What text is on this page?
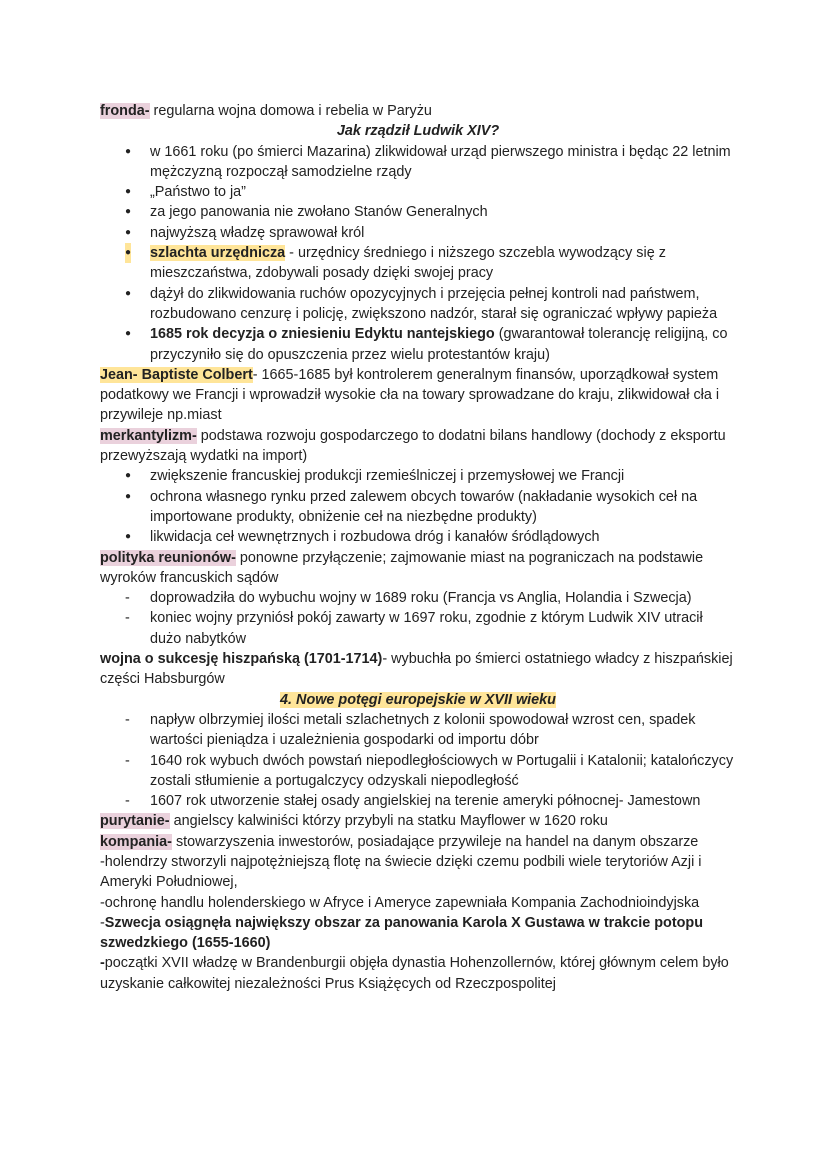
fronda- regularna wojna domowa i rebelia w Paryżu

Jak rządził Ludwik XIV?

● w 1661 roku (po śmierci Mazarina) zlikwidował urząd pierwszego ministra i będąc 22 letnim mężczyzną rozpoczął samodzielne rządy
● „Państwo to ja”
● za jego panowania nie zwołano Stanów Generalnych
● najwyższą władzę sprawował król
● szlachta urzędnicza - urzędnicy średniego i niższego szczebla wywodzący się z mieszczaństwa, zdobywali posady dzięki swojej pracy
● dążył do zlikwidowania ruchów opozycyjnych i przejęcia pełnej kontroli nad państwem, rozbudowano cenzurę i policję, zwiększono nadzór, starał się ograniczać wpływy papieża
● 1685 rok decyzja o zniesieniu Edyktu nantejskiego (gwarantował tolerancję religijną, co przyczyniło się do opuszczenia przez wielu protestantów kraju)

Jean- Baptiste Colbert- 1665-1685 był kontrolerem generalnym finansów, uporządkował system podatkowy we Francji i wprowadził wysokie cła na towary sprowadzane do kraju, zlikwidował cła i przywileje np.miast

merkantylizm- podstawa rozwoju gospodarczego to dodatni bilans handlowy (dochody z eksportu przewyższają wydatki na import)

● zwiększenie francuskiej produkcji rzemieślniczej i przemysłowej we Francji
● ochrona własnego rynku przed zalewem obcych towarów (nakładanie wysokich ceł na importowane produkty, obniżenie ceł na niezbędne produkty)
● likwidacja ceł wewnętrznych i rozbudowa dróg i kanałów śródlądowych

polityka reunionów- ponowne przyłączenie; zajmowanie miast na pograniczach na podstawie wyroków francuskich sądów

- doprowadziła do wybuchu wojny w 1689 roku (Francja vs Anglia, Holandia i Szwecja)
- koniec wojny przyniósł pokój zawarty w 1697 roku, zgodnie z którym Ludwik XIV utracił dużo nabytków

wojna o sukcesję hiszpańską (1701-1714)- wybuchła po śmierci ostatniego władcy z hiszpańskiej części Habsburgów

4. Nowe potęgi europejskie w XVII wieku

- napływ olbrzymiej ilości metali szlachetnych z kolonii spowodował wzrost cen, spadek wartości pieniądza i uzależnienia gospodarki od importu dóbr
- 1640 rok wybuch dwóch powstań niepodległościowych w Portugalii i Katalonii; katalończycy zostali stłumienie a portugalczycy odzyskali niepodległość
- 1607 rok utworzenie stałej osady angielskiej na terenie ameryki północnej- Jamestown

purytanie- angielscy kalwiniści którzy przybyli na statku Mayflower w 1620 roku

kompania- stowarzyszenia inwestorów, posiadające przywileje na handel na danym obszarze

-holendrzy stworzyli najpotężniejszą flotę na świecie dzięki czemu podbili wiele terytoriów Azji i Ameryki Południowej,

-ochronę handlu holenderskiego w Afryce i Ameryce zapewniała Kompania Zachodnioindyjska

-Szwecja osiągnęła największy obszar za panowania Karola X Gustawa w trakcie potopu szwedzkiego (1655-1660)

-początki XVII władzę w Brandenburgii objęła dynastia Hohenzollernów, której głównym celem było uzyskanie całkowitej niezależności Prus Książęcych od Rzeczpospolitej
